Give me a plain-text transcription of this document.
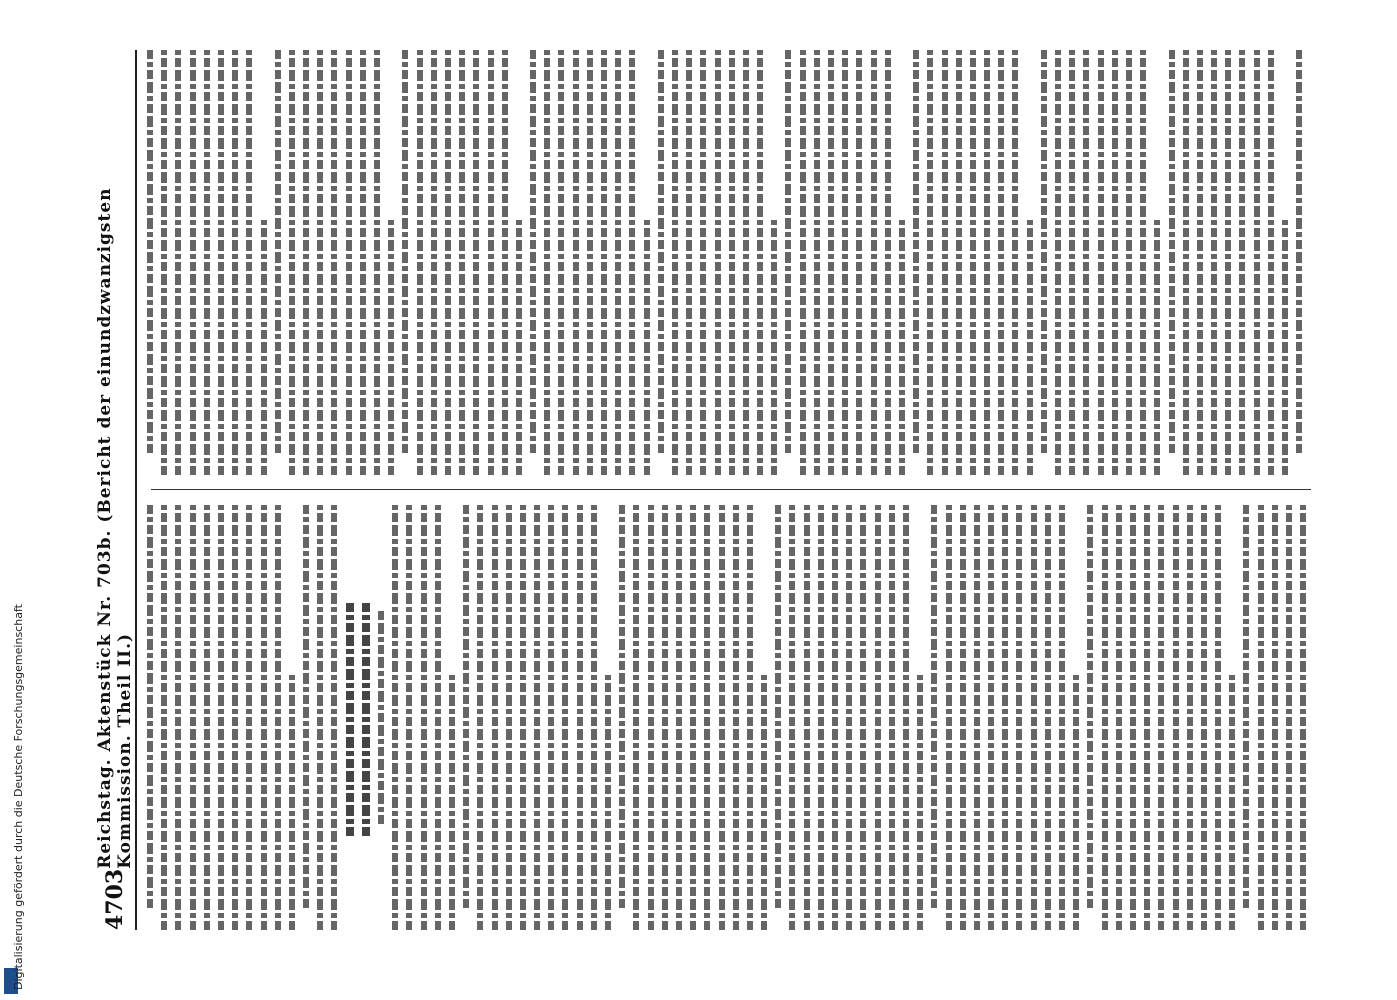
Digitalisierung gefördert durch die Deutsche Forschungsgemeinschaft	4703
Reichstag. Aktenstück Nr. 703b. (Bericht der einundzwanzigsten Kommission. Theil II.)
